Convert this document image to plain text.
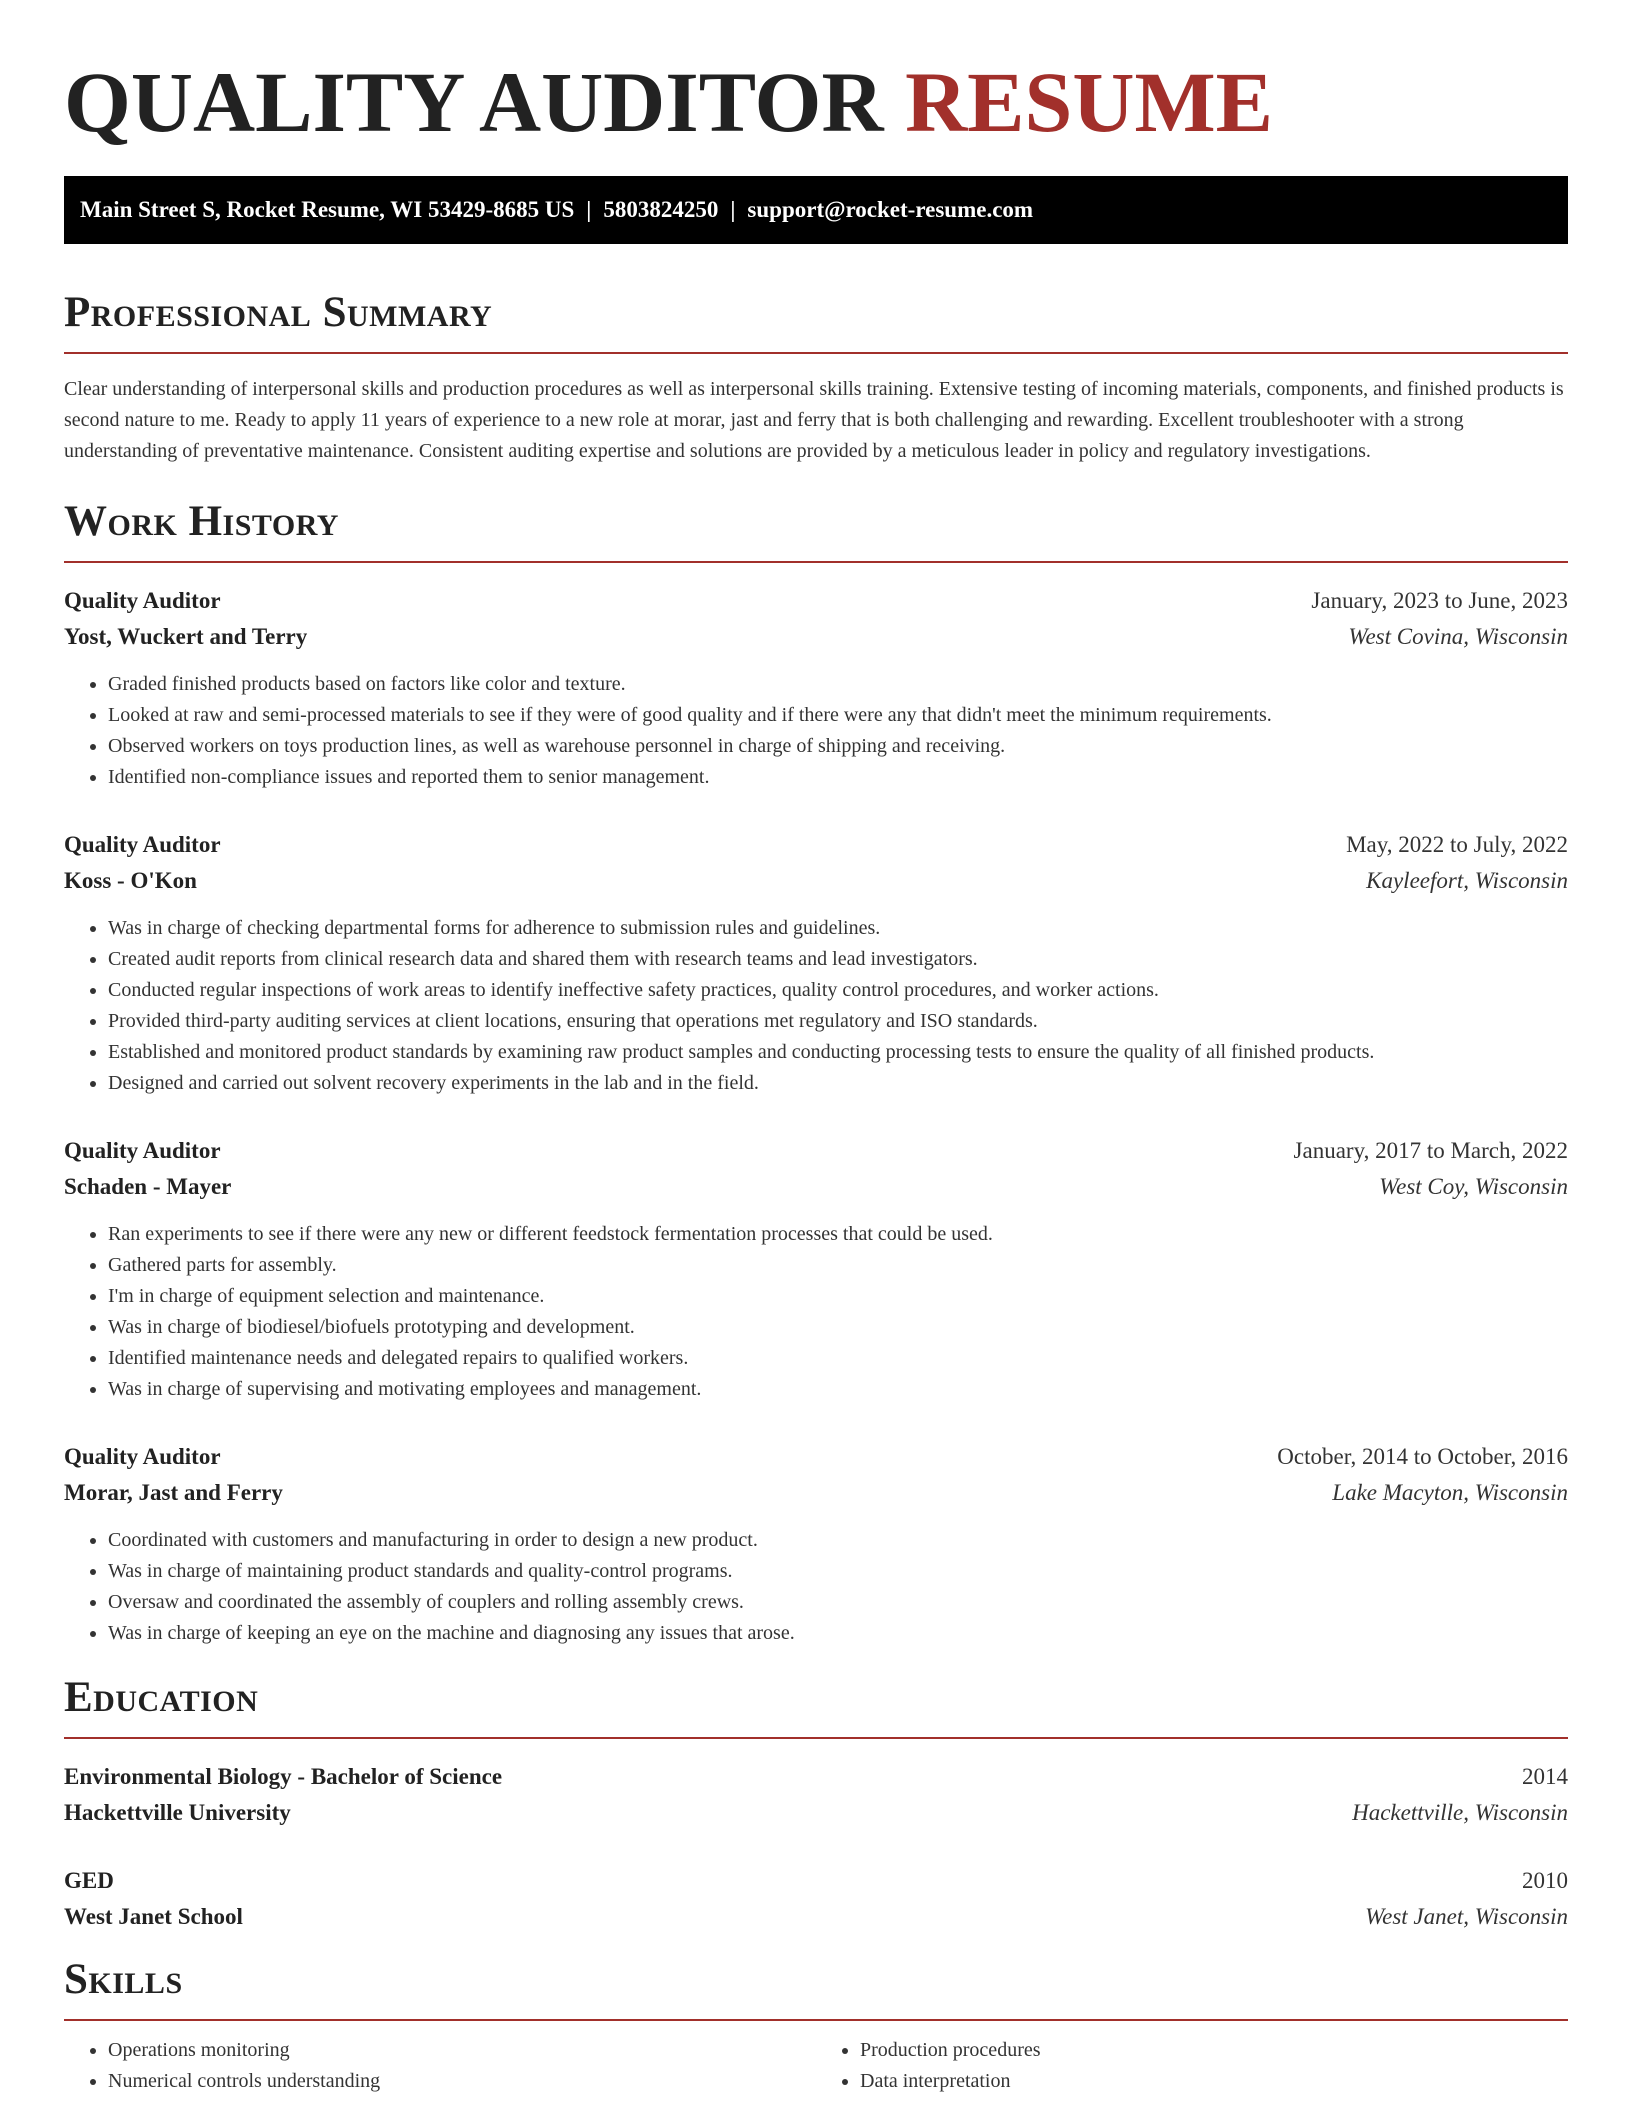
QUALITY AUDITOR RESUME
Main Street S, Rocket Resume, WI 53429-8685 US | 5803824250 | support@rocket-resume.com
Professional Summary

Clear understanding of interpersonal skills and production procedures as well as interpersonal skills training. Extensive testing of incoming materials, components, and finished products is second nature to me. Ready to apply 11 years of experience to a new role at morar, jast and ferry that is both challenging and rewarding. Excellent troubleshooter with a strong understanding of preventative maintenance. Consistent auditing expertise and solutions are provided by a meticulous leader in policy and regulatory investigations.

Work History
Quality Auditor	January, 2023 to June, 2023
Yost, Wuckert and Terry	West Covina, Wisconsin
• Graded finished products based on factors like color and texture.
• Looked at raw and semi-processed materials to see if they were of good quality and if there were any that didn't meet the minimum requirements.
• Observed workers on toys production lines, as well as warehouse personnel in charge of shipping and receiving.
• Identified non-compliance issues and reported them to senior management.
Quality Auditor	May, 2022 to July, 2022
Koss - O'Kon	Kayleefort, Wisconsin
• Was in charge of checking departmental forms for adherence to submission rules and guidelines.
• Created audit reports from clinical research data and shared them with research teams and lead investigators.
• Conducted regular inspections of work areas to identify ineffective safety practices, quality control procedures, and worker actions.
• Provided third-party auditing services at client locations, ensuring that operations met regulatory and ISO standards.
• Established and monitored product standards by examining raw product samples and conducting processing tests to ensure the quality of all finished products.
• Designed and carried out solvent recovery experiments in the lab and in the field.
Quality Auditor	January, 2017 to March, 2022
Schaden - Mayer	West Coy, Wisconsin
• Ran experiments to see if there were any new or different feedstock fermentation processes that could be used.
• Gathered parts for assembly.
• I'm in charge of equipment selection and maintenance.
• Was in charge of biodiesel/biofuels prototyping and development.
• Identified maintenance needs and delegated repairs to qualified workers.
• Was in charge of supervising and motivating employees and management.
Quality Auditor	October, 2014 to October, 2016
Morar, Jast and Ferry	Lake Macyton, Wisconsin
• Coordinated with customers and manufacturing in order to design a new product.
• Was in charge of maintaining product standards and quality-control programs.
• Oversaw and coordinated the assembly of couplers and rolling assembly crews.
• Was in charge of keeping an eye on the machine and diagnosing any issues that arose.
Education
Environmental Biology - Bachelor of Science	2014
Hackettville University	Hackettville, Wisconsin
GED	2010
West Janet School	West Janet, Wisconsin
Skills
• Operations monitoring
• Numerical controls understanding
• Production procedures
• Data interpretation
